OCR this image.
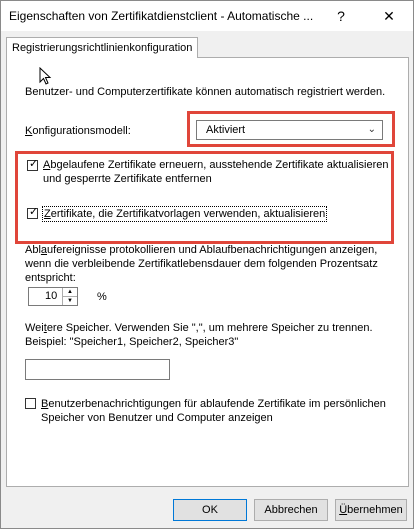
Eigenschaften von Zertifikatdienstclient - Automatische ...	?	✕
Registrierungsrichtlinienkonfiguration
Benutzer- und Computerzertifikate können automatisch registriert werden.
Konfigurationsmodell:	Aktiviert	⌄
✓ Abgelaufene Zertifikate erneuern, ausstehende Zertifikate aktualisieren
und gesperrte Zertifikate entfernen
✓ Zertifikate, die Zertifikatvorlagen verwenden, aktualisieren
Ablaufereignisse protokollieren und Ablaufbenachrichtigungen anzeigen,
wenn die verbleibende Zertifikatlebensdauer dem folgenden Prozentsatz
entspricht:
10	▲
▼	%
Weitere Speicher. Verwenden Sie ",", um mehrere Speicher zu trennen.
Beispiel: "Speicher1, Speicher2, Speicher3"
Benutzerbenachrichtigungen für ablaufende Zertifikate im persönlichen
Speicher von Benutzer und Computer anzeigen
OK	Abbrechen	Übernehmen
